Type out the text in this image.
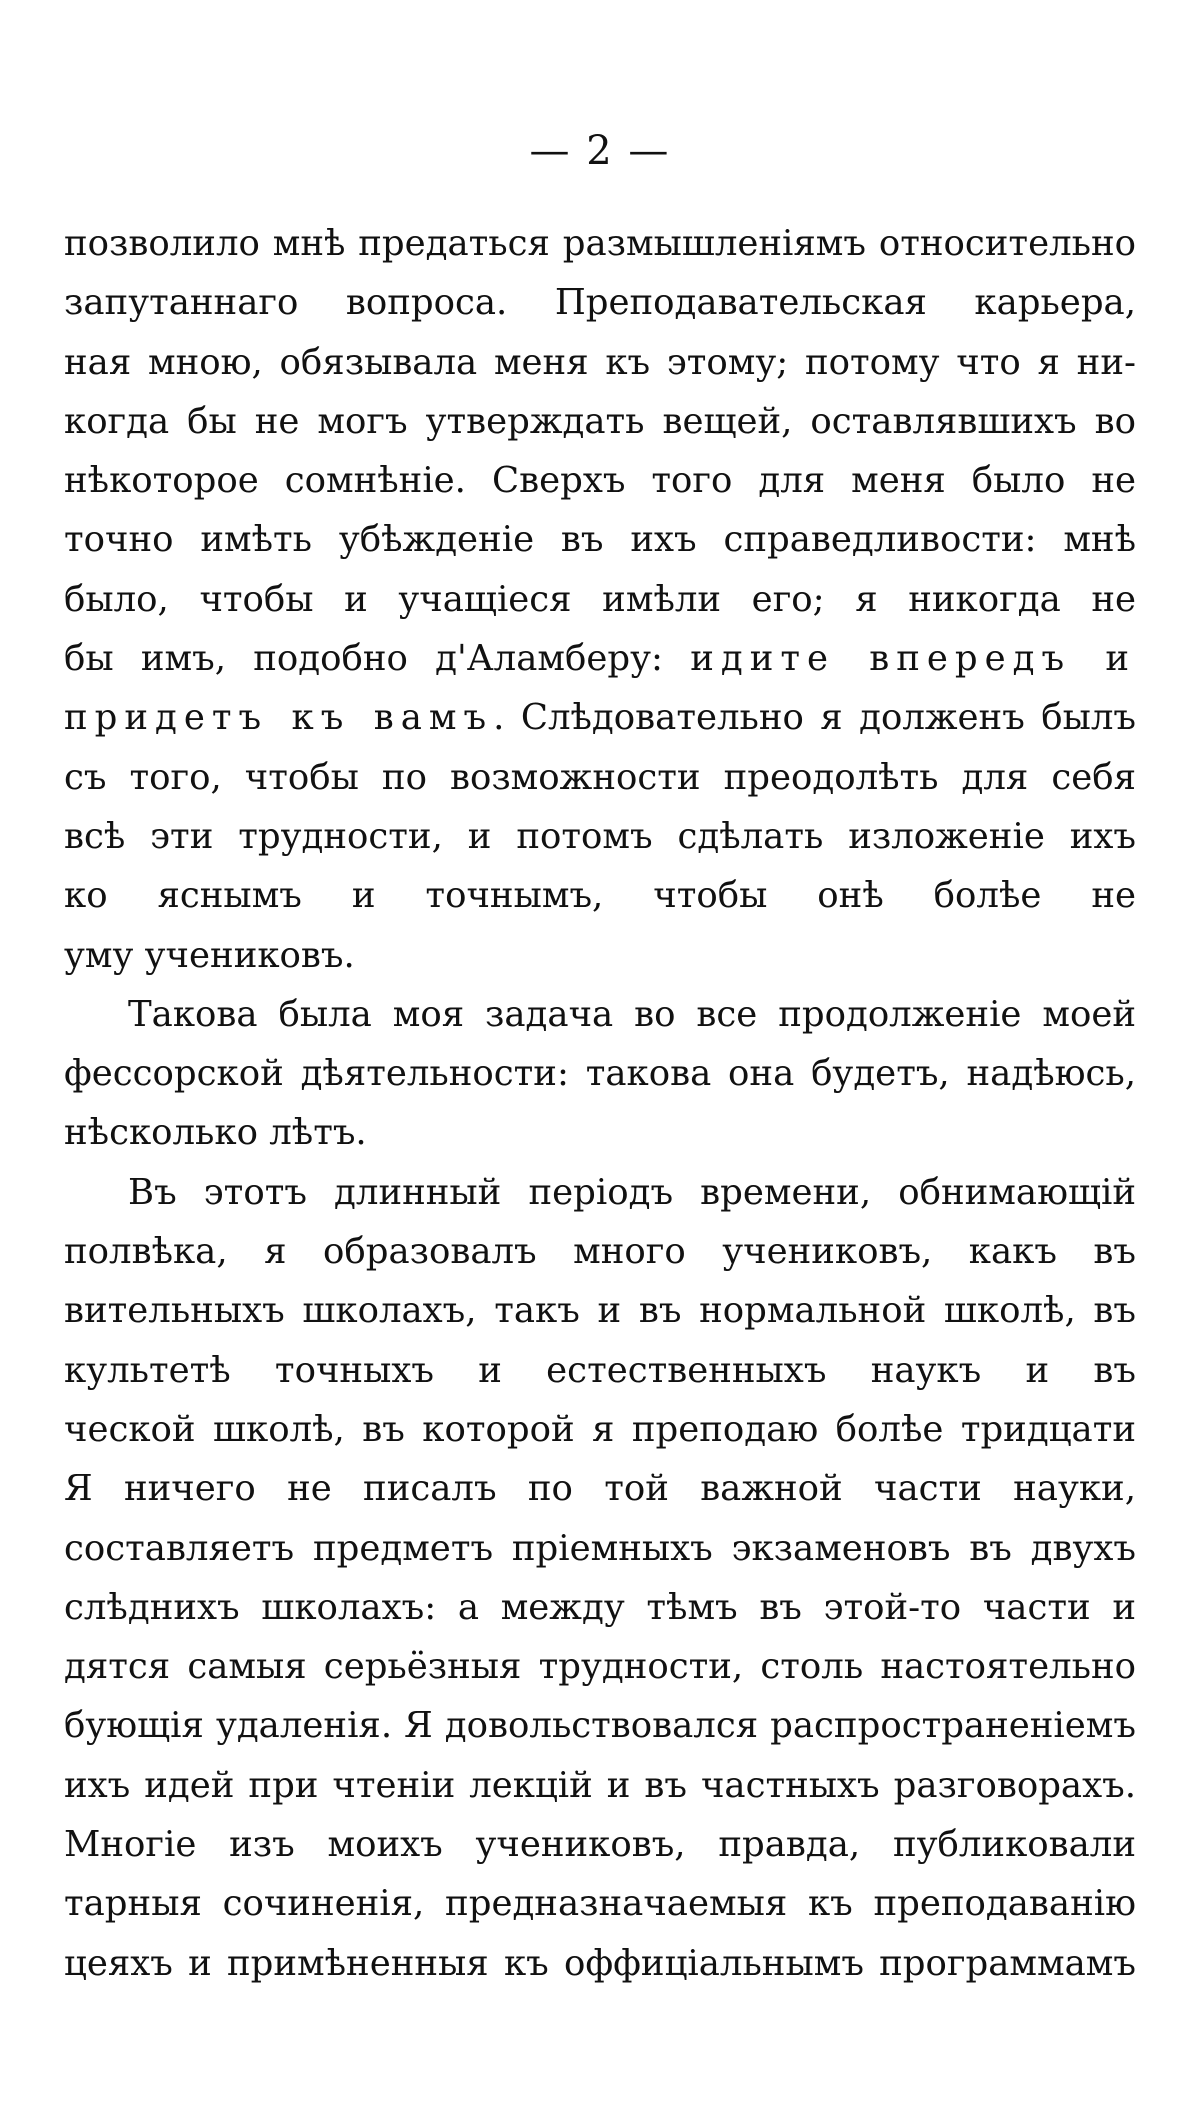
— 2 —
позволило мнѣ предаться размышленіямъ относительно
запутаннаго вопроса. Преподавательская карьера,
ная мною, обязывала меня къ этому; потому что я ни-
когда бы не могъ утверждать вещей, оставлявшихъ во
нѣкоторое сомнѣніе. Сверхъ того для меня было не
точно имѣть убѣжденіе въ ихъ справедливости: мнѣ
было, чтобы и учащіеся имѣли его; я никогда не
бы имъ, подобно д'Аламберу: идите впередъ и
придетъ къ вамъ. Слѣдовательно я долженъ былъ
съ того, чтобы по возможности преодолѣть для себя
всѣ эти трудности, и потомъ сдѣлать изложеніе ихъ
ко яснымъ и точнымъ, чтобы онѣ болѣе не
уму учениковъ.
Такова была моя задача во все продолженіе моей
фессорской дѣятельности: такова она будетъ, надѣюсь,
нѣсколько лѣтъ.
Въ этотъ длинный періодъ времени, обнимающій
полвѣка, я образовалъ много учениковъ, какъ въ
вительныхъ школахъ, такъ и въ нормальной школѣ, въ
культетѣ точныхъ и естественныхъ наукъ и въ
ческой школѣ, въ которой я преподаю болѣе тридцати
Я ничего не писалъ по той важной части науки,
составляетъ предметъ пріемныхъ экзаменовъ въ двухъ
слѣднихъ школахъ: а между тѣмъ въ этой-то части и
дятся самыя серьёзныя трудности, столь настоятельно
бующія удаленія. Я довольствовался распространеніемъ
ихъ идей при чтеніи лекцій и въ частныхъ разговорахъ.
Многіе изъ моихъ учениковъ, правда, публиковали
тарныя сочиненія, предназначаемыя къ преподаванію
цеяхъ и примѣненныя къ оффиціальнымъ программамъ
